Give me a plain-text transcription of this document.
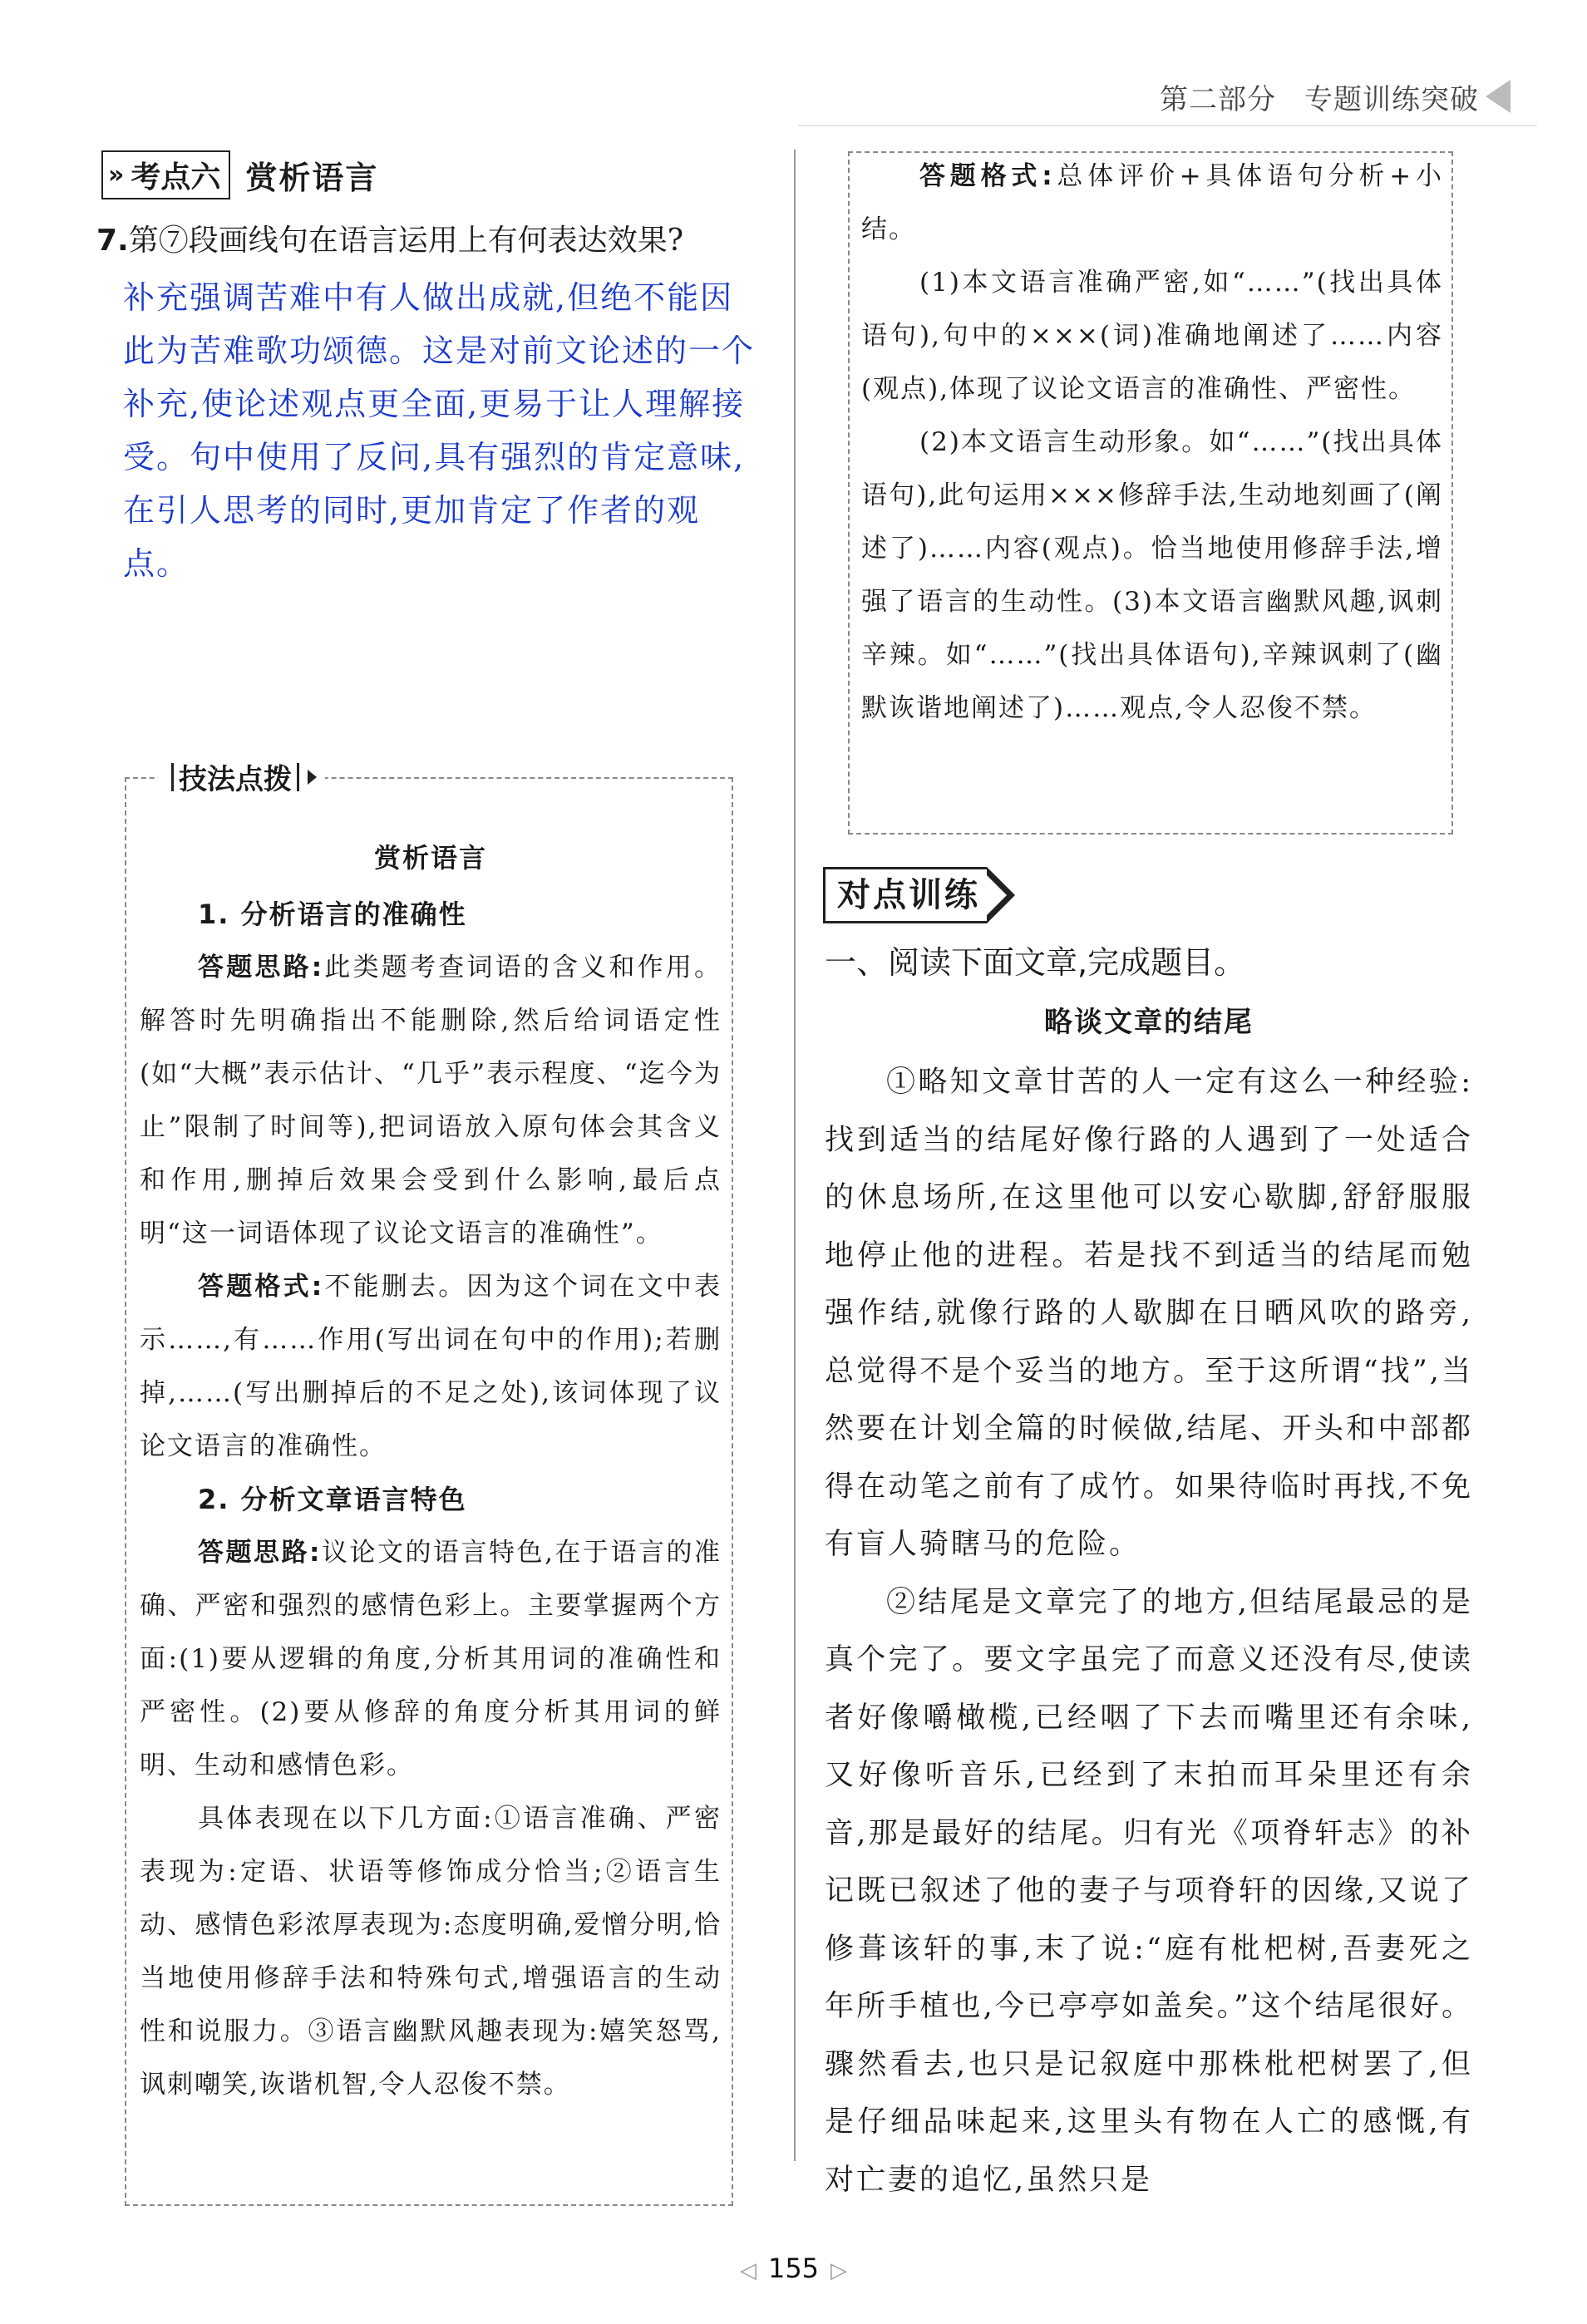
第二部分 专题训练突破
» 考点六 赏析语言
7.第⑦段画线句在语言运用上有何表达效果?
补充强调苦难中有人做出成就,但绝不能因此为苦难歌功颂德。这是对前文论述的一个补充,使论述观点更全面,更易于让人理解接受。句中使用了反问,具有强烈的肯定意味,在引人思考的同时,更加肯定了作者的观点。
技法点拨
赏析语言
1. 分析语言的准确性
答题思路:此类题考查词语的含义和作用。解答时先明确指出不能删除,然后给词语定性(如“大概”表示估计、“几乎”表示程度、“迄今为止”限制了时间等),把词语放入原句体会其含义和作用,删掉后效果会受到什么影响,最后点明“这一词语体现了议论文语言的准确性”。
答题格式:不能删去。因为这个词在文中表示……,有……作用(写出词在句中的作用);若删掉,……(写出删掉后的不足之处),该词体现了议论文语言的准确性。
2. 分析文章语言特色
答题思路:议论文的语言特色,在于语言的准确、严密和强烈的感情色彩上。主要掌握两个方面:(1)要从逻辑的角度,分析其用词的准确性和严密性。(2)要从修辞的角度分析其用词的鲜明、生动和感情色彩。
具体表现在以下几方面:①语言准确、严密表现为:定语、状语等修饰成分恰当;②语言生动、感情色彩浓厚表现为:态度明确,爱憎分明,恰当地使用修辞手法和特殊句式,增强语言的生动性和说服力。③语言幽默风趣表现为:嬉笑怒骂,讽刺嘲笑,诙谐机智,令人忍俊不禁。
答题格式:总体评价+具体语句分析+小结。
(1)本文语言准确严密,如“……”(找出具体语句),句中的×××(词)准确地阐述了……内容(观点),体现了议论文语言的准确性、严密性。
(2)本文语言生动形象。如“……”(找出具体语句),此句运用×××修辞手法,生动地刻画了(阐述了)……内容(观点)。恰当地使用修辞手法,增强了语言的生动性。(3)本文语言幽默风趣,讽刺辛辣。如“……”(找出具体语句),辛辣讽刺了(幽默诙谐地阐述了)……观点,令人忍俊不禁。
对点训练
一、阅读下面文章,完成题目。
略谈文章的结尾

①略知文章甘苦的人一定有这么一种经验:找到适当的结尾好像行路的人遇到了一处适合的休息场所,在这里他可以安心歇脚,舒舒服服地停止他的进程。若是找不到适当的结尾而勉强作结,就像行路的人歇脚在日晒风吹的路旁,总觉得不是个妥当的地方。至于这所谓“找”,当然要在计划全篇的时候做,结尾、开头和中部都得在动笔之前有了成竹。如果待临时再找,不免有盲人骑瞎马的危险。

②结尾是文章完了的地方,但结尾最忌的是真个完了。要文字虽完了而意义还没有尽,使读者好像嚼橄榄,已经咽了下去而嘴里还有余味,又好像听音乐,已经到了末拍而耳朵里还有余音,那是最好的结尾。归有光《项脊轩志》的补记既已叙述了他的妻子与项脊轩的因缘,又说了修葺该轩的事,末了说:“庭有枇杷树,吾妻死之年所手植也,今已亭亭如盖矣。”这个结尾很好。骤然看去,也只是记叙庭中那株枇杷树罢了,但是仔细品味起来,这里头有物在人亡的感慨,有对亡妻的追忆,虽然只是

◁ 155 ▷
